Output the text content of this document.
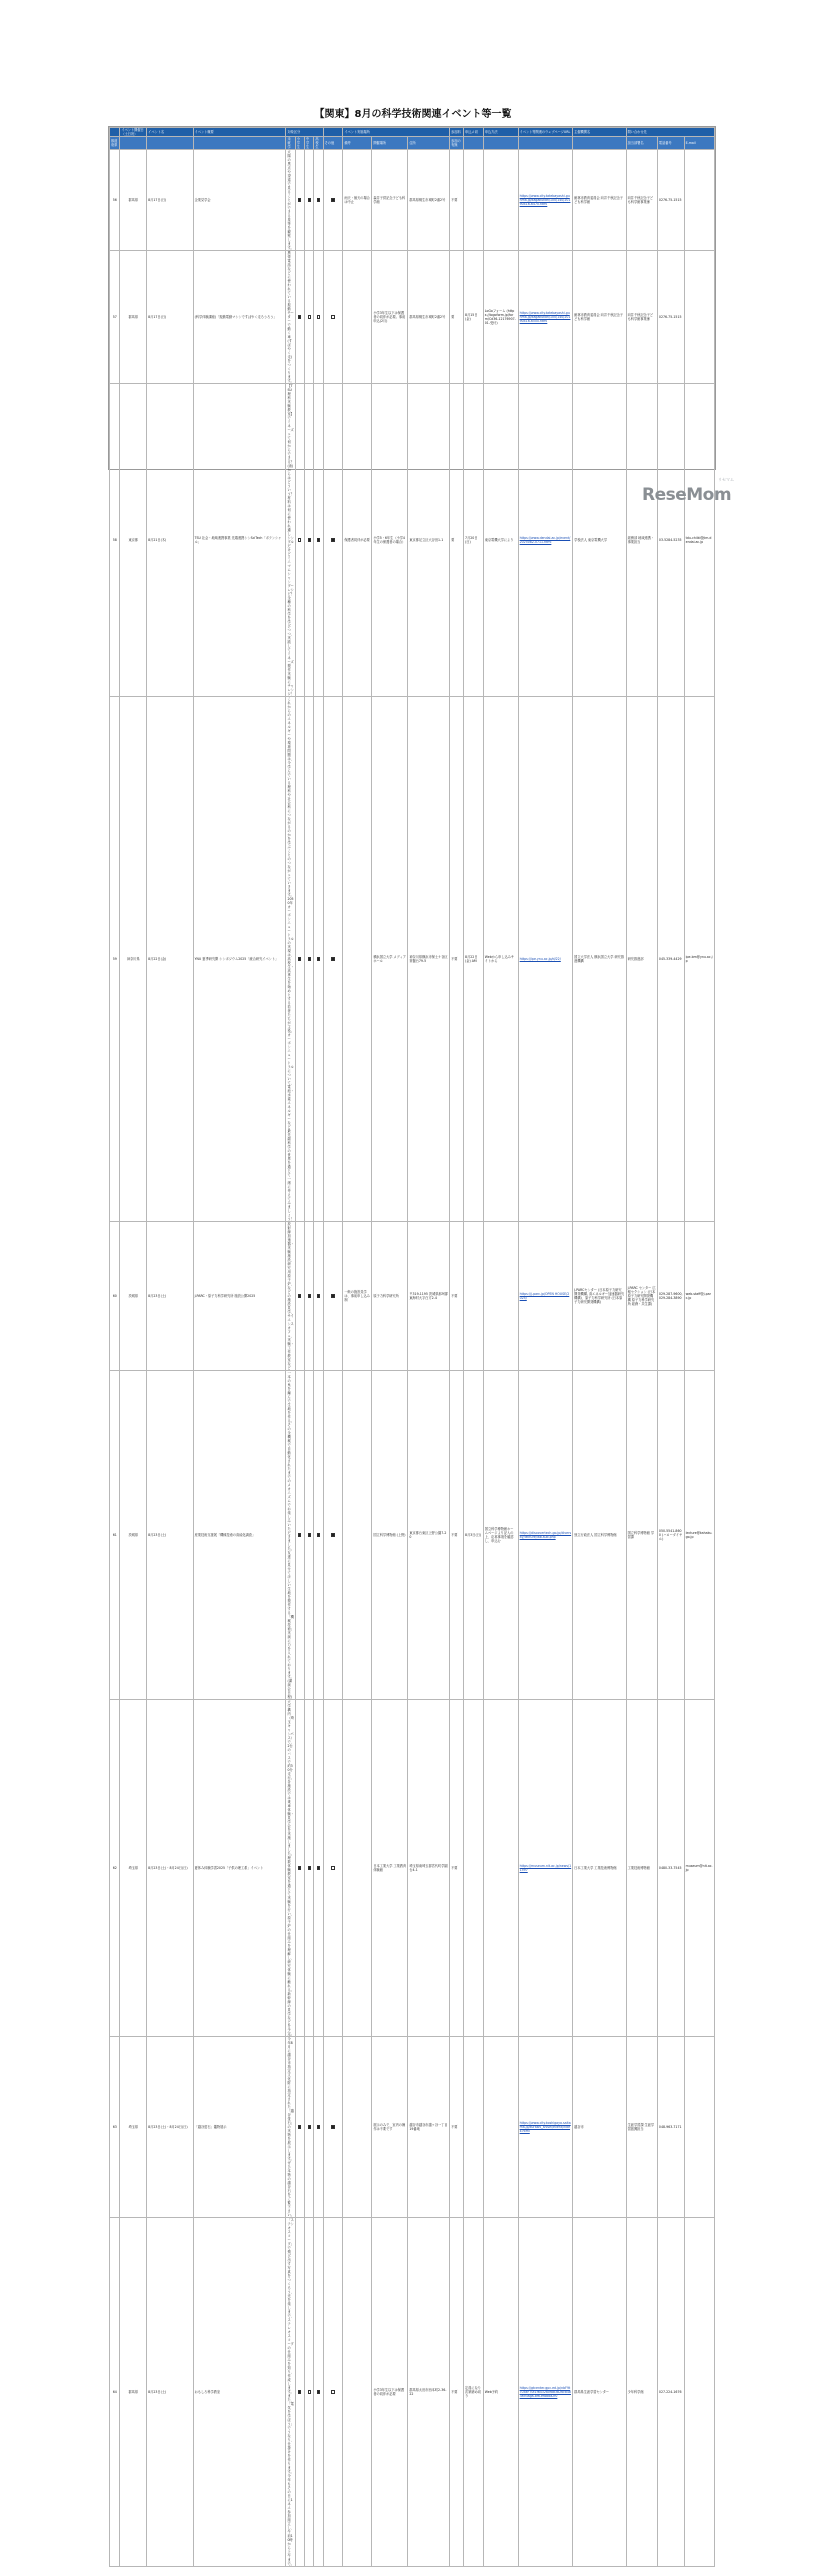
【関東】8月の科学技術関連イベント等一覧
	イベント開催日（土日祝）	イベント名	イベント概要	対象区分					イベント実施場所			参加料	申込メ切	申込方法	イベント等関連のウェブページURL	主催機関名	問い合わせ先		
都道府県				未就学	小学生	中学生	高校生	その他	備考	開催場所	住所	参加の有無					担当部署名	電話番号	E-mail
56	群馬県	8月17日(日)	企業見学会	太陽の黒点や望遠で見ることができる星等を観察します。					雨天・曇天の場合は中止	森井子供記念子ども科学館	群馬県桐生市城町2番2号	不要			https://www.city.tatebayashi.gunma.jp/kagakukan/100/140/20190416-6470.html	館林市教育委員会 向井千秋記念子ども科学館	向井千秋記念子ども科学館事業係	0276-75-1515	
57	群馬県	8月17日(日)	(科学体験講座)「振動電動マシンですばやく走ろうろう」	携帯電話などに使われている振動モーターで動く車(すばやく走)をつくります。						小学3年生以下は保護者の同伴が必要。事前申込(2月)	群馬県桐生市城町2番2号	要	8月15日(金)	LoGoフォーム (https://logoform.jp/form/Cd36-12176907-01-受付)	https://www.city.tatebayashi.gunma.jp/kagakukan/100/140/20190416-6500.html	館林市教育委員会 向井千秋記念子ども科学館	向井千秋記念子ども科学館事業係	0276-75-1515	
58	東京都	8月21日(木)	TSU 社会・地域連携事業 先端連携シンSciTech「ポテンシャル」	【TSU理科実験教室】でミネーズって何からできる？(油)からはどういう？ 材料は何に使われ適しシンプルだけどミニマムシャンプーレシピ？ 全種の科学を学びつつ、実践してミネーズ製作実験にチャレンジ！					保護者同伴が必要	小学5・6年生（小学4年生の保護者の場合）	東京都足立区大谷田1-1	要	7月20日(日)	東京電機大学により	https://www.dendai.ac.jp/event/2025082-0711.html	学校法人 東京電機大学	総務部 地域連携・事業担当	03-5284-5235	tdu-chiiki@jim.dendai.ac.jp
59	神奈川県	8月22日(金)	YNU 夏季研究開 シンポジウム2025「統合研究イベント」	これからのエネルギーや環境問題は、今学んでいる理科や社会科につながるのかを学ぶことのつながっていきます。2050年カーボンニュートラルの実現は、高校生・高専生を始めとする若者たちが主役。カーボンニュートラルについて、電池・水素エネルギーなど最先端科学の世界を通じて一緒に考えてみましょう！						横浜国立大学 メディアホール	神奈川県横浜市保土ケ谷区常盤台79-5	不要	8月22日(金) AM	Webから申し込みサイトから	https://ipe.ynu.ac.jp/d/22/	国立大学法人 横浜国立大学 研究推進機構	研究推進部	045-339-4429	ipe-bm@ynu.ac.jp
60	茨城県	8月23日(土)	J-PARC・原子力科学研究所 施設公開2025	放射線加速器・実験施設、研究用原子炉、などの施設見学、サイエンスカフェ、実験・工作教室など					一般の施設見学は、事前申し込み制	原子力科学研究所	〒319-1195 茨城県那珂郡東海村大字白方2-4	不要			https://j-parc.jp/OPEN HOUSE/2025/	J-PARCセンター (日本原子力研究開発機構, 高エネルギー加速器研究機構)、原子力科学研究所 (日本原子力研究開発機構)	J-PARC センター 広報セクション (日本原子力研究開発機構 原子力科学研究所 総務・共生課)	029-287-9600, 029-284-3890	web-staff@j-parc.jp
61	茨城県	8月23日(土)	産業技術支援展「機械技術の高能化調査」	一本の糸を編んで生地を作る。その全機械で自動化されたまでのメカニズムでお楽しみいただきました。友達に見せてほしい生地を製作する「機械技術」実演に力を入れております。(講演会日程)						国立科学博物館 (上野)	東京都台東区上野公園7-20	不要	8月3日(日)	国立科学博物館ホームページより記入の上、応募事項を確認し、申込む	https://discovertech.go.jp/diversity/lecture/lab-sub.php	独立行政法人 国立科学博物館	国立科学博物館 学習課	050-5541-8600 (ハローダイヤル)	lecture@kahaku.go.jp
62	埼玉県	8月23日(土)・8月24日(日)	夏休み体験学習2025「子供の理工系」イベント	大学構内（埼玉キャンパス）で、2台のバスで約30分走行。各施設では乗車体験・見学会を実施しました。理数体験教室を通じて実験を行い、原子炉の仕組みを理解し、研究体験に触れる。新幹線の見学などを予定。						日本工業大学 工業教育体験館	埼玉県南埼玉郡宮代町学園台4-1	不要			https://museum.nit.ac.jp/news/11597	日本工業大学 工業技術博物館	工業技術博物館	0480-33-7545	museum@nit.ac.jp
63	埼玉県	8月23日(土)・8月24日(日)	「越谷蛍石」鑑物展示	今年8月に越谷市指定文化財に指定された「越谷蛍石」の実物を展示します。ぜひ本物の越谷石をご覧下さい。						展示のみで、室内の操作は不要です	越谷市越谷市越ヶ谷一丁目19番地	不要			https://www.city.koshigaya.saitama.jp/kurashi_shisei/event/index.html	越谷市	生涯学習課 生涯学習振興担当	048-963-7171	
64	群馬県	8月23日(土)	おもしろ科学教室	「ステンオスコープ」で飛び出す写真をつくろう、光を楽しまで、ステレオスコープの仕組みを知り、作成します。また、「電気を学ぼう」でうなり、仕掛けを作ります。今年もその日に1ネエ参加組立し、午前10時から上午まで。						小学3年生以下は保護者の同伴が必要	群馬県太田市西本町2-36-22	不要	定員になり次第締め切り	Web予約	https://gtcenter.gpc.ed.jp/nbF9tT04kF70t1f6432a0f8b3b26cb4b3a93aga-8f6-ef8bba2f0	群馬県生涯学習センター	少年科学館	027-224-1676	
リセマム
ReseMom
